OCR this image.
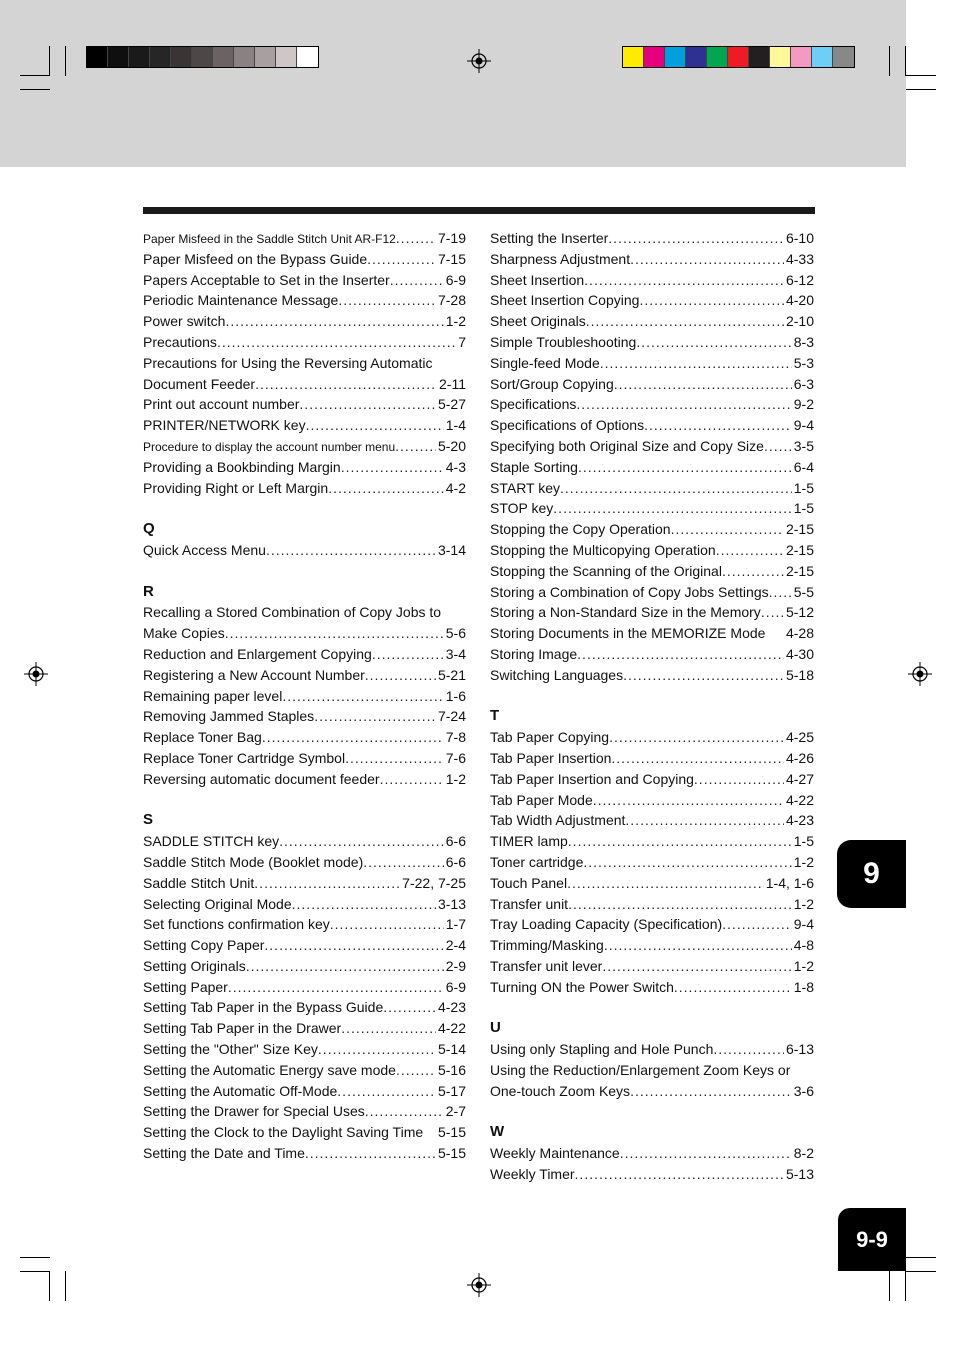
Paper Misfeed in the Saddle Stitch Unit AR-F12 .....	7-19
Paper Misfeed on the Bypass Guide .....	7-15
Papers Acceptable to Set in the Inserter .....	6-9
Periodic Maintenance Message .....	7-28
Power switch .....	1-2
Precautions .....	7
Precautions for Using the Reversing Automatic
Document Feeder .....	2-11
Print out account number .....	5-27
PRINTER/NETWORK key .....	1-4
Procedure to display the account number menu .....	5-20
Providing a Bookbinding Margin .....	4-3
Providing Right or Left Margin .....	4-2
Q
Quick Access Menu .....	3-14
R
Recalling a Stored Combination of Copy Jobs to
Make Copies .....	5-6
Reduction and Enlargement Copying .....	3-4
Registering a New Account Number .....	5-21
Remaining paper level .....	1-6
Removing Jammed Staples .....	7-24
Replace Toner Bag .....	7-8
Replace Toner Cartridge Symbol .....	7-6
Reversing automatic document feeder .....	1-2
S
SADDLE STITCH key .....	6-6
Saddle Stitch Mode (Booklet mode) .....	6-6
Saddle Stitch Unit .....	7-22, 7-25
Selecting Original Mode .....	3-13
Set functions confirmation key .....	1-7
Setting Copy Paper .....	2-4
Setting Originals .....	2-9
Setting Paper .....	6-9
Setting Tab Paper in the Bypass Guide .....	4-23
Setting Tab Paper in the Drawer .....	4-22
Setting the "Other" Size Key .....	5-14
Setting the Automatic Energy save mode .....	5-16
Setting the Automatic Off-Mode .....	5-17
Setting the Drawer for Special Uses .....	2-7
Setting the Clock to the Daylight Saving Time 5-15
Setting the Date and Time .....	5-15
Setting the Inserter .....	6-10
Sharpness Adjustment .....	4-33
Sheet Insertion .....	6-12
Sheet Insertion Copying .....	4-20
Sheet Originals .....	2-10
Simple Troubleshooting .....	8-3
Single-feed Mode .....	5-3
Sort/Group Copying .....	6-3
Specifications .....	9-2
Specifications of Options .....	9-4
Specifying both Original Size and Copy Size ..... 3-5
Staple Sorting .....	6-4
START key .....	1-5
STOP key .....	1-5
Stopping the Copy Operation .....	2-15
Stopping the Multicopying Operation .....	2-15
Stopping the Scanning of the Original .....	2-15
Storing a Combination of Copy Jobs Settings ..... 5-5
Storing a Non-Standard Size in the Memory ..... 5-12
Storing Documents in the MEMORIZE Mode 4-28
Storing Image .....	4-30
Switching Languages .....	5-18
T
Tab Paper Copying .....	4-25
Tab Paper Insertion .....	4-26
Tab Paper Insertion and Copying .....	4-27
Tab Paper Mode .....	4-22
Tab Width Adjustment .....	4-23
TIMER lamp .....	1-5
Toner cartridge .....	1-2
Touch Panel .....	1-4, 1-6
Transfer unit .....	1-2
Tray Loading Capacity (Specification) .....	9-4
Trimming/Masking .....	4-8
Transfer unit lever .....	1-2
Turning ON the Power Switch .....	1-8
U
Using only Stapling and Hole Punch .....	6-13
Using the Reduction/Enlargement Zoom Keys or
One-touch Zoom Keys .....	3-6
W
Weekly Maintenance .....	8-2
Weekly Timer .....	5-13
9
9-9
